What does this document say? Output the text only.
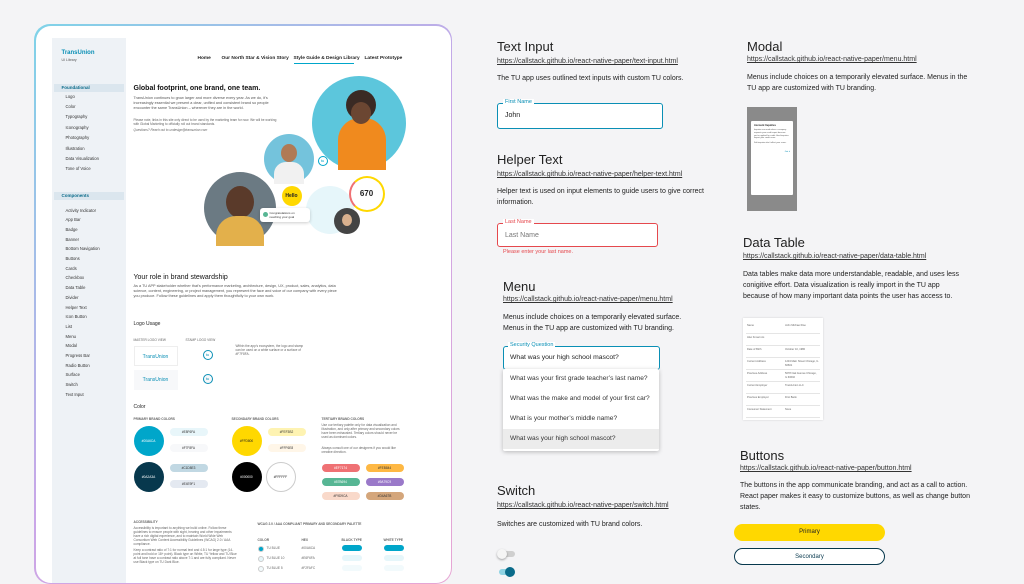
TransUnion
UI Library
Foundational
Components
Logo
Color
Typography
Iconography
Photography
Illustration
Data Visualization
Tone of Voice
Activity Indicator
App Bar
Badge
Banner
Bottom Navigation
Buttons
Cards
Checkbox
Data Table
Divider
Helper Text
Icon Button
List
Menu
Modal
Progress Bar
Radio Button
Surface
Switch
Text Input
Home Our North Star & Vision Story Style Guide & Design Library Latest Prototype
Global footprint, one brand, one team.
TransUnion continues to grow larger and more diverse every year. As we do, it’s increasingly essential we present a clear, unified and consistent brand so people encounter the same TransUnion – wherever they are in the world.
Please note, links in this site only direct to be used by the marketing team for now. We will be working with Global Marketing to officially roll out brand standards.
Questions? Reach out to uxdesign@transunion.com
Hello	670
tu
Congratulations on reaching your goal
Your role in brand stewardship
As a TU APP stakeholder whether that’s performance marketing, architecture, design, UX, product, sales, analytics, data science, content, engineering, or project management, you represent the face and voice of our company with every piece you produce. Follow these guidelines and apply them thoughtfully to your own work.
Logo Usage
MASTER LOGO VIEW	STAMP LOGO VIEW
Within the app’s ecosystem, the logo and stamp can be used on a white surface or a surface of #F7F8FA.
TransUnion
TransUnion
tu
tu
Color
PRIMARY BRAND COLORS	SECONDARY BRAND COLORS	TERTIARY BRAND COLORS
Use our tertiary palette only for data visualization and illustration, and only after primary and secondary colors have been exhausted. Tertiary colors should never be used as dominant colors.
Always consult one of our designers if you would like creative direction.
#00A6CA
#0A2A3A
#E8F6FA
#F7F8FA
#C1D8E3
#E4E9F1
#FFD800
#000000	#FFFFFF
#FEF3B2
#FFF6E8
#EF7174	#FEB844
#57B694	#9A79C9
#F9D9CA	#D4A67B
ACCESSIBILITY
Accessibility is important to anything we build online. Follow these guidelines to ensure people with sight, hearing and other impairments have a rich digital experience, and to maintain World Wide Web Consortium Web Content Accessibility Guidelines (WCAG) 2.0 / AAA compliance.
Keep a contrast ratio of 7:1 for normal text and 4.5:1 for large type (14-point and bold or 18+ point). Black type on White, TU Yellow and TU Blue at full tone have a contrast ratio above 7:1 and are fully compliant. Never use Black type on TU Dark Blue.
WCAG 2.0 / AAA COMPLIANT PRIMARY AND SECONDARY PALETTE
COLOR	HEX	BLACK TYPE	WHITE TYPE
TU BLUE	#00A6CA
TU BLUE 10	#E6F6FA
TU BLUE 5	#F2FAFC
Text Input
https://callstack.github.io/react-native-paper/text-input.html
The TU app uses outlined text inputs with custom TU colors.
John
First Name
Helper Text
https://callstack.github.io/react-native-paper/helper-text.html
Helper text is used on input elements to guide users to give correct information.
Last Name
Last Name
Please enter your last name.
Menu
https://callstack.github.io/react-native-paper/menu.html
Menus include choices on a temporarily elevated surface. Menus in the TU app are customized with TU branding.
What was your high school mascot?
Security Question
What was your first grade teacher’s last name?
What was the make and model of your first car?
What is your mother’s middle name?
What was your high school mascot?
Switch
https://callstack.github.io/react-native-paper/switch.html
Switches are customized with TU brand colors.
Modal
https://callstack.github.io/react-native-paper/menu.html
Menus include choices on a temporarily elevated surface. Menus in the TU app are customized with TU branding.
Account Inquiries
Inquiries are made when a company requests your credit report because you’ve applied for credit. Hard inquiries impact your credit score.
Soft inquiries don’t affect your score.
Got it
Data Table
https://callstack.github.io/react-native-paper/data-table.html
Data tables make data more understandable, readable, and uses less conigitive effort. Data visualization is really import in the TU app because of how many important data points the user has access to.
Name	John Michael Doe
Also Known As
Date of Birth	October 10, 1980
Current Address	1234 Main Street Chicago, IL 60601
Previous Address	5678 Oak Avenue Chicago, IL 60602
Current Employer	TransUnion LLC
Previous Employer	First Bank
Consumer Statement	None
Buttons
https://callstack.github.io/react-native-paper/button.html
The buttons in the app communicate branding, and act as a call to action. React paper makes it easy to customize buttons, as well as change button states.
Primary
Secondary
